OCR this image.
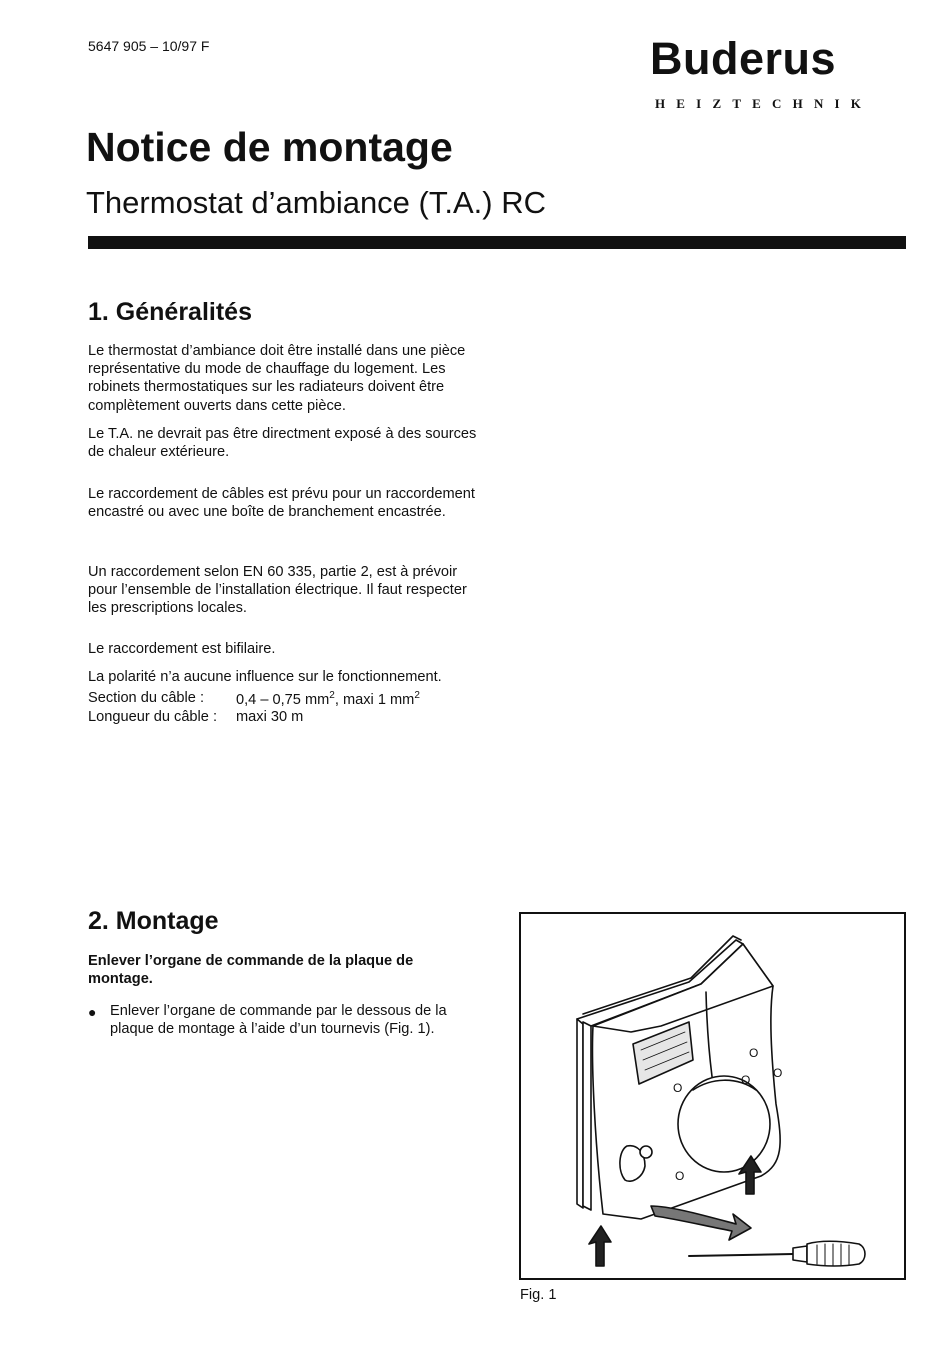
5647 905 – 10/97 F	Buderus
HEIZTECHNIK
Notice de montage
Thermostat d’ambiance (T.A.) RC
1. Généralités

Le thermostat d’ambiance doit être installé dans une pièce représentative du mode de chauffage du logement. Les robinets thermostatiques sur les radiateurs doivent être complètement ouverts dans cette pièce.

Le T.A. ne devrait pas être directment exposé à des sources de chaleur extérieure.

Le raccordement de câbles est prévu pour un raccordement encastré ou avec une boîte de branchement encastrée.

Un raccordement selon EN 60 335, partie 2, est à prévoir pour l’ensemble de l’installation électrique. Il faut respecter les prescriptions locales.

Le raccordement est bifilaire.

La polarité n’a aucune influence sur le fonctionnement.

Section du câble : 0,4 – 0,75 $mm^2$, maxi 1 $mm^2$
Longueur du câble : maxi 30 m
2. Montage
Enlever l’organe de commande de la plaque de montage.
● Enlever l’organe de commande par le dessous de la plaque de montage à l’aide d’un tournevis (Fig. 1).
O
O
O
O
O
Fig. 1
